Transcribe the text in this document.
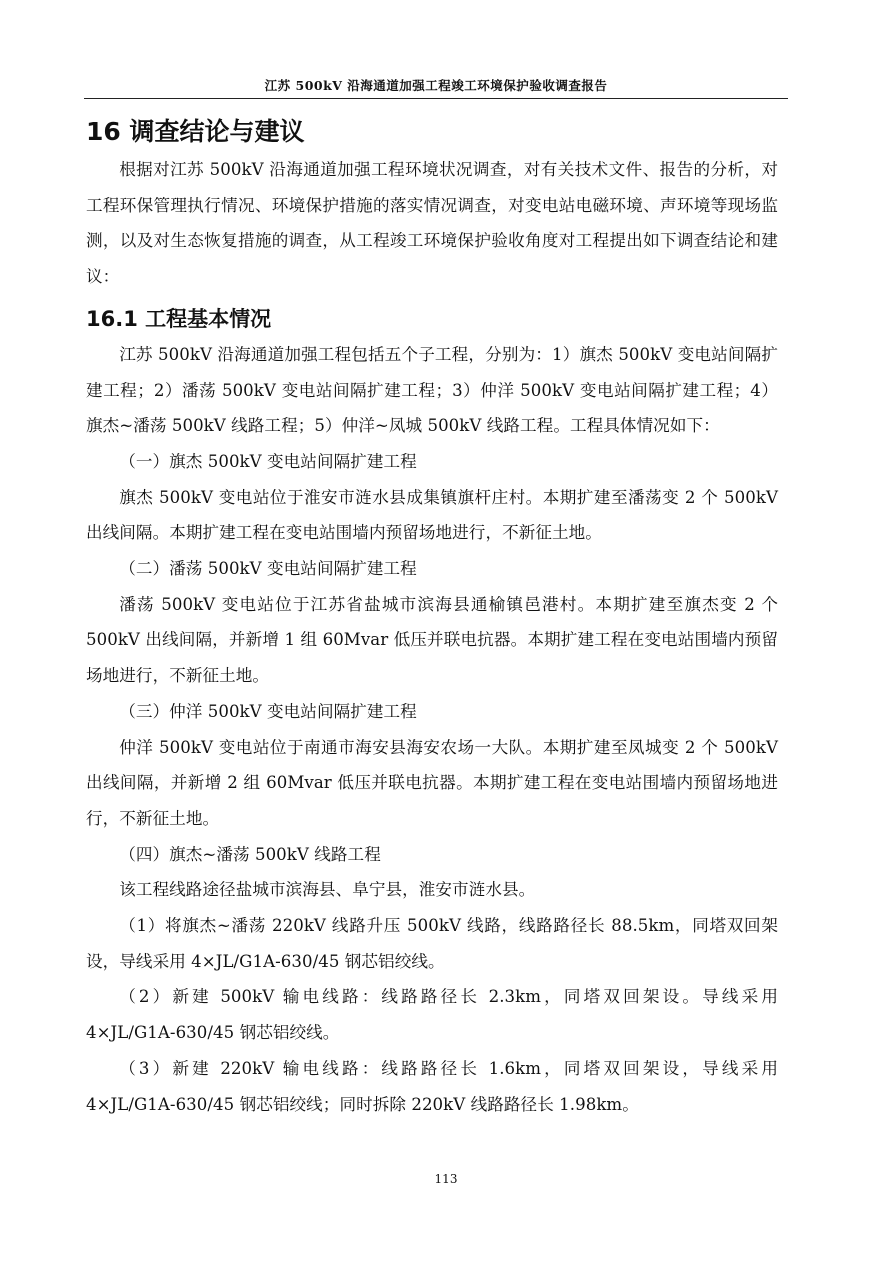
江苏 500kV 沿海通道加强工程竣工环境保护验收调查报告
16 调查结论与建议

根据对江苏 500kV 沿海通道加强工程环境状况调查，对有关技术文件、报告的分析，对工程环保管理执行情况、环境保护措施的落实情况调查，对变电站电磁环境、声环境等现场监测，以及对生态恢复措施的调查，从工程竣工环境保护验收角度对工程提出如下调查结论和建议：

16.1 工程基本情况

江苏 500kV 沿海通道加强工程包括五个子工程，分别为：1）旗杰 500kV 变电站间隔扩建工程；2）潘荡 500kV 变电站间隔扩建工程；3）仲洋 500kV 变电站间隔扩建工程；4）旗杰~潘荡 500kV 线路工程；5）仲洋~凤城 500kV 线路工程。工程具体情况如下：

（一）旗杰 500kV 变电站间隔扩建工程

旗杰 500kV 变电站位于淮安市涟水县成集镇旗杆庄村。本期扩建至潘荡变 2 个 500kV 出线间隔。本期扩建工程在变电站围墙内预留场地进行，不新征土地。

（二）潘荡 500kV 变电站间隔扩建工程

潘荡 500kV 变电站位于江苏省盐城市滨海县通榆镇邑港村。本期扩建至旗杰变 2 个 500kV 出线间隔，并新增 1 组 60Mvar 低压并联电抗器。本期扩建工程在变电站围墙内预留场地进行，不新征土地。

（三）仲洋 500kV 变电站间隔扩建工程

仲洋 500kV 变电站位于南通市海安县海安农场一大队。本期扩建至凤城变 2 个 500kV 出线间隔，并新增 2 组 60Mvar 低压并联电抗器。本期扩建工程在变电站围墙内预留场地进行，不新征土地。

（四）旗杰~潘荡 500kV 线路工程

该工程线路途径盐城市滨海县、阜宁县，淮安市涟水县。

（1）将旗杰~潘荡 220kV 线路升压 500kV 线路，线路路径长 88.5km，同塔双回架设，导线采用 4×JL/G1A-630/45 钢芯铝绞线。

（2）新建 500kV 输电线路：线路路径长 2.3km，同塔双回架设。导线采用 4×JL/G1A-630/45 钢芯铝绞线。

（3）新建 220kV 输电线路：线路路径长 1.6km，同塔双回架设，导线采用 4×JL/G1A-630/45 钢芯铝绞线；同时拆除 220kV 线路路径长 1.98km。

113
